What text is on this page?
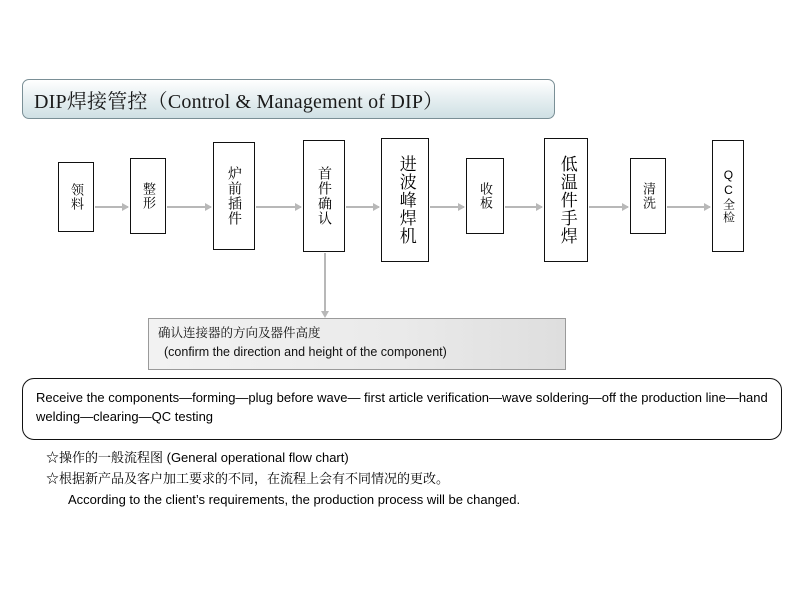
DIP焊接管控（Control & Management of DIP）
领料	整形	炉前插件	首件确认	进波峰焊机	收板	低温件手焊	清洗	QC全检
确认连接器的方向及器件高度
(confirm the direction and height of the component)
Receive the components—forming—plug before wave— first article verification—wave soldering—off the production line—hand welding—clearing—QC testing
☆操作的一般流程图 (General operational flow chart)
☆根据新产品及客户加工要求的不同，在流程上会有不同情况的更改。
According to the client’s requirements, the production process will be changed.
